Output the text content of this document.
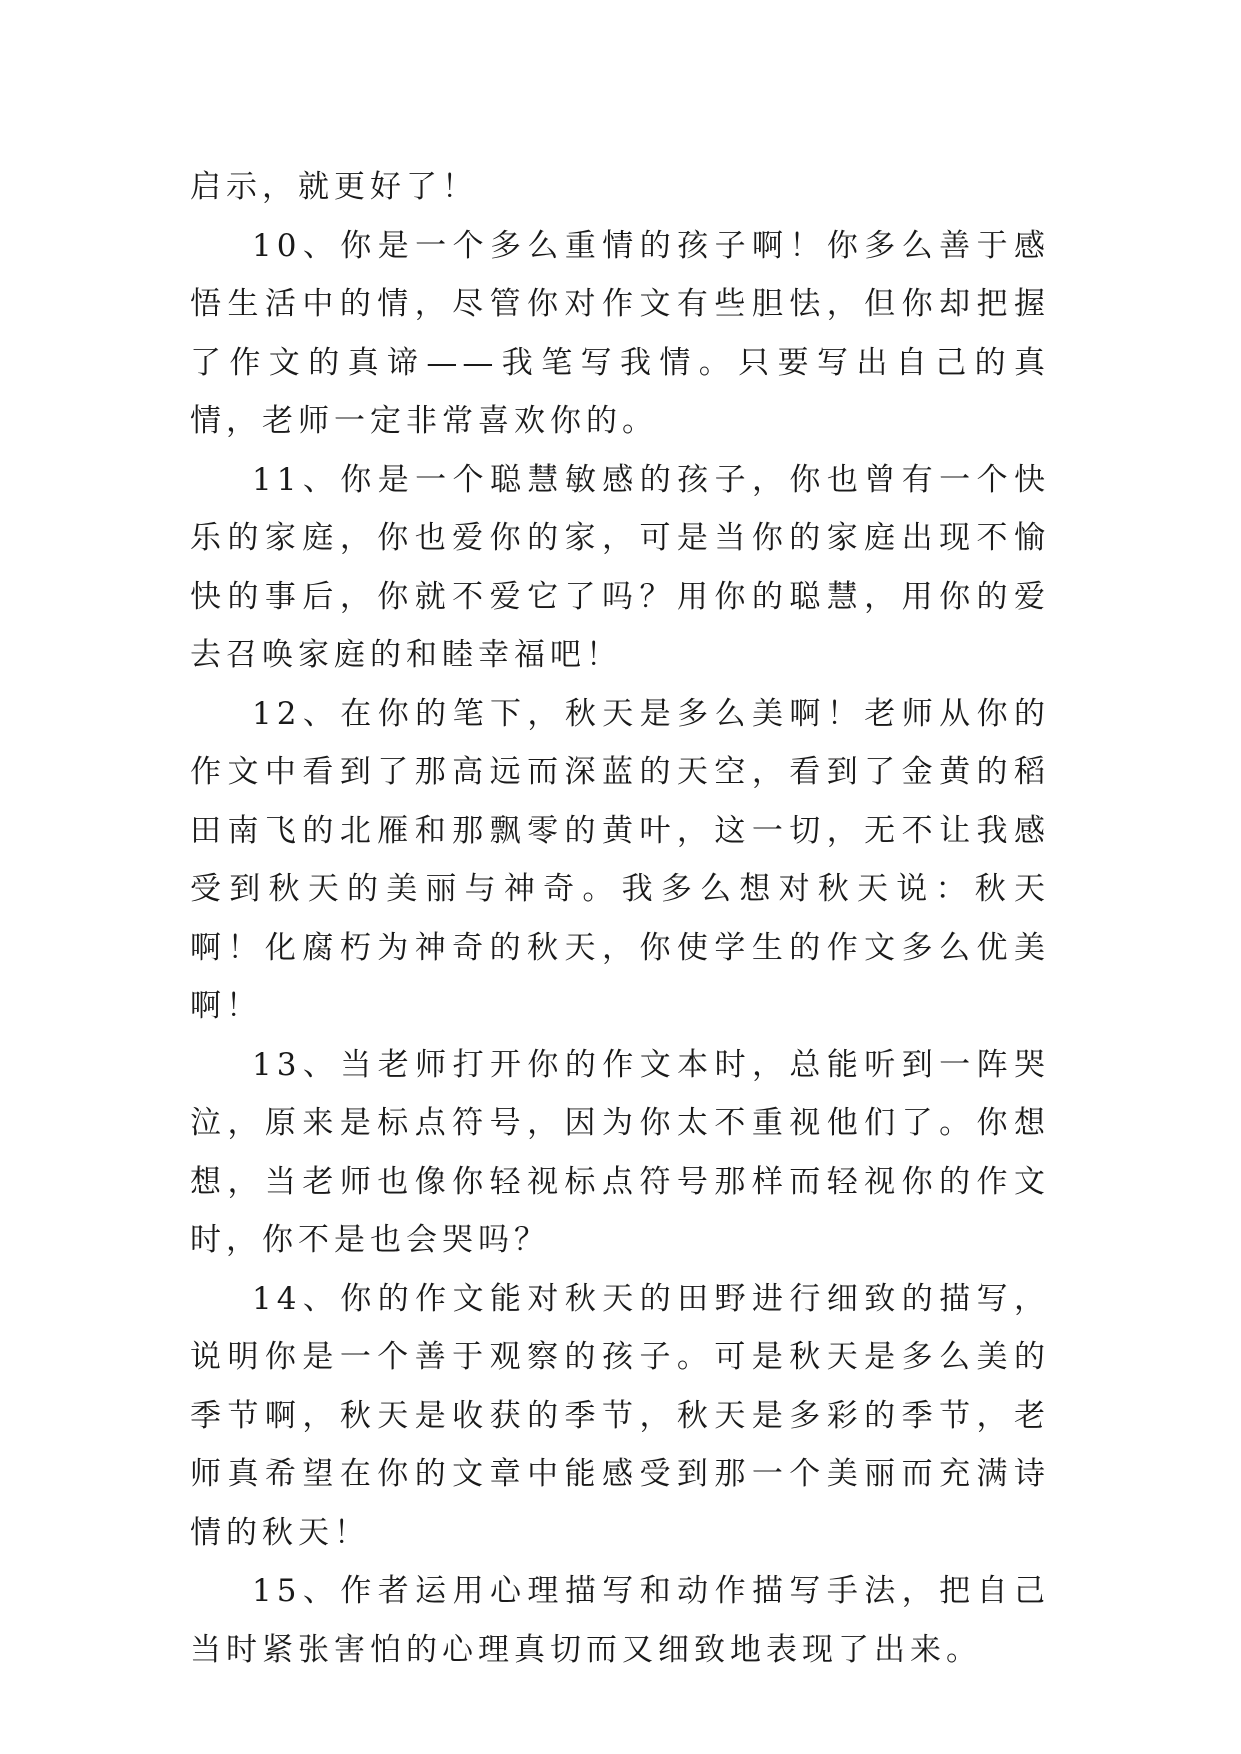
启示，就更好了！

10、你是一个多么重情的孩子啊！你多么善于感悟生活中的情，尽管你对作文有些胆怯，但你却把握了作文的真谛——我笔写我情。只要写出自己的真情，老师一定非常喜欢你的。

11、你是一个聪慧敏感的孩子，你也曾有一个快乐的家庭，你也爱你的家，可是当你的家庭出现不愉快的事后，你就不爱它了吗？用你的聪慧，用你的爱去召唤家庭的和睦幸福吧！

12、在你的笔下，秋天是多么美啊！老师从你的作文中看到了那高远而深蓝的天空，看到了金黄的稻田南飞的北雁和那飘零的黄叶，这一切，无不让我感受到秋天的美丽与神奇。我多么想对秋天说：秋天啊！化腐朽为神奇的秋天，你使学生的作文多么优美啊！

13、当老师打开你的作文本时，总能听到一阵哭泣，原来是标点符号，因为你太不重视他们了。你想想，当老师也像你轻视标点符号那样而轻视你的作文时，你不是也会哭吗？

14、你的作文能对秋天的田野进行细致的描写，说明你是一个善于观察的孩子。可是秋天是多么美的季节啊，秋天是收获的季节，秋天是多彩的季节，老师真希望在你的文章中能感受到那一个美丽而充满诗情的秋天！

15、作者运用心理描写和动作描写手法，把自己当时紧张害怕的心理真切而又细致地表现了出来。
